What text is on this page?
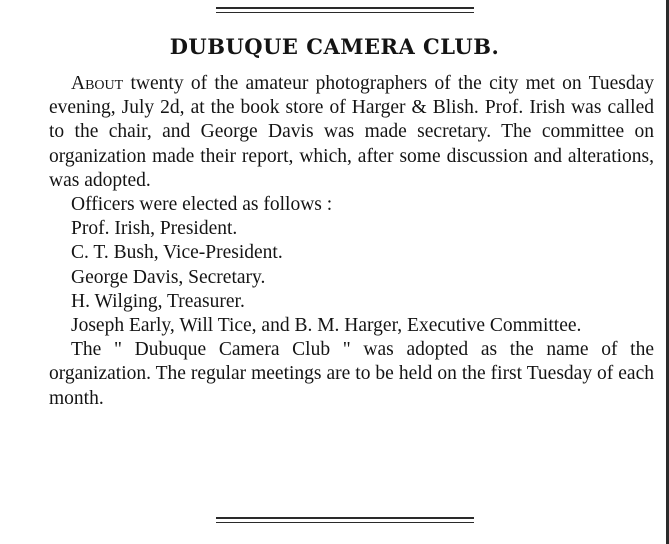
DUBUQUE CAMERA CLUB.

About twenty of the amateur photographers of the city met on Tuesday evening, July 2d, at the book store of Harger & Blish. Prof. Irish was called to the chair, and George Davis was made secretary. The committee on organization made their report, which, after some discussion and alterations, was adopted.

Officers were elected as follows :

Prof. Irish, President.

C. T. Bush, Vice-President.

George Davis, Secretary.

H. Wilging, Treasurer.

Joseph Early, Will Tice, and B. M. Harger, Executive Committee.

The " Dubuque Camera Club " was adopted as the name of the organization. The regular meetings are to be held on the first Tuesday of each month.
